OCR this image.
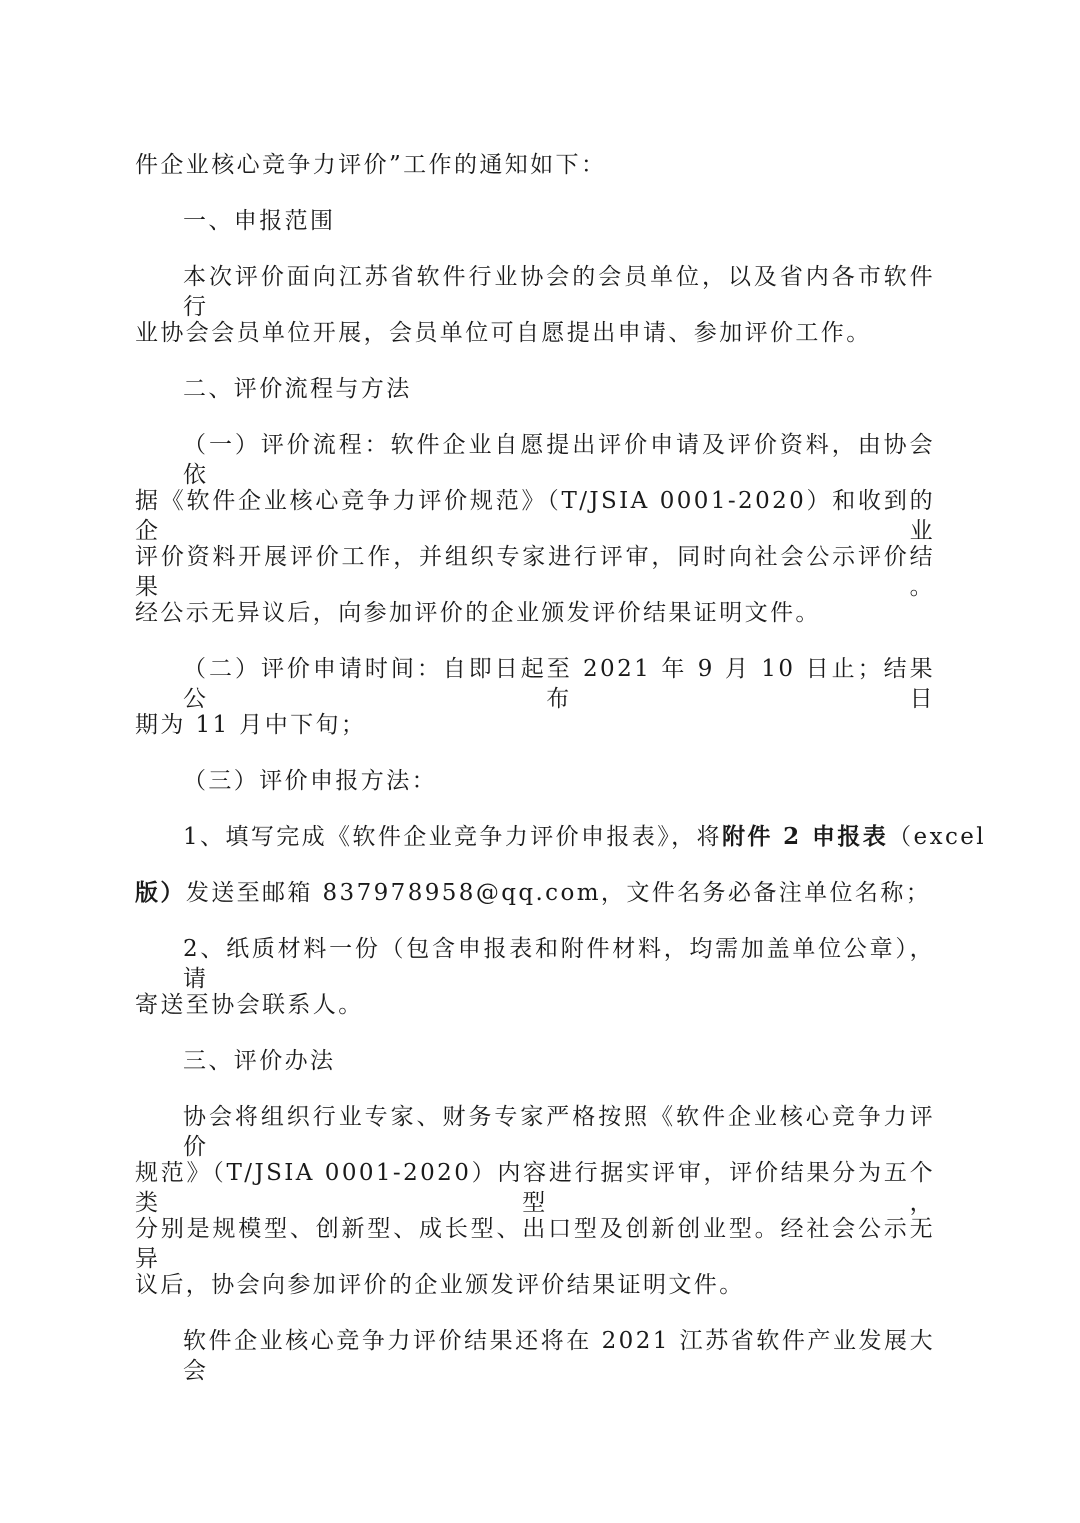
件企业核心竞争力评价”工作的通知如下：
一、申报范围
本次评价面向江苏省软件行业协会的会员单位，以及省内各市软件行
业协会会员单位开展，会员单位可自愿提出申请、参加评价工作。
二、评价流程与方法
（一）评价流程：软件企业自愿提出评价申请及评价资料，由协会依
据《软件企业核心竞争力评价规范》（T/JSIA 0001-2020）和收到的企业
评价资料开展评价工作，并组织专家进行评审，同时向社会公示评价结果。
经公示无异议后，向参加评价的企业颁发评价结果证明文件。
（二）评价申请时间：自即日起至 2021 年 9 月 10 日止；结果公布日
期为 11 月中下旬；
（三）评价申报方法：
1、填写完成《软件企业竞争力评价申报表》，将附件 2 申报表（excel
版）发送至邮箱 837978958@qq.com，文件名务必备注单位名称；
2、纸质材料一份（包含申报表和附件材料，均需加盖单位公章），请
寄送至协会联系人。
三、评价办法
协会将组织行业专家、财务专家严格按照《软件企业核心竞争力评价
规范》（T/JSIA 0001-2020）内容进行据实评审，评价结果分为五个类型，
分别是规模型、创新型、成长型、出口型及创新创业型。经社会公示无异
议后，协会向参加评价的企业颁发评价结果证明文件。
软件企业核心竞争力评价结果还将在 2021 江苏省软件产业发展大会
